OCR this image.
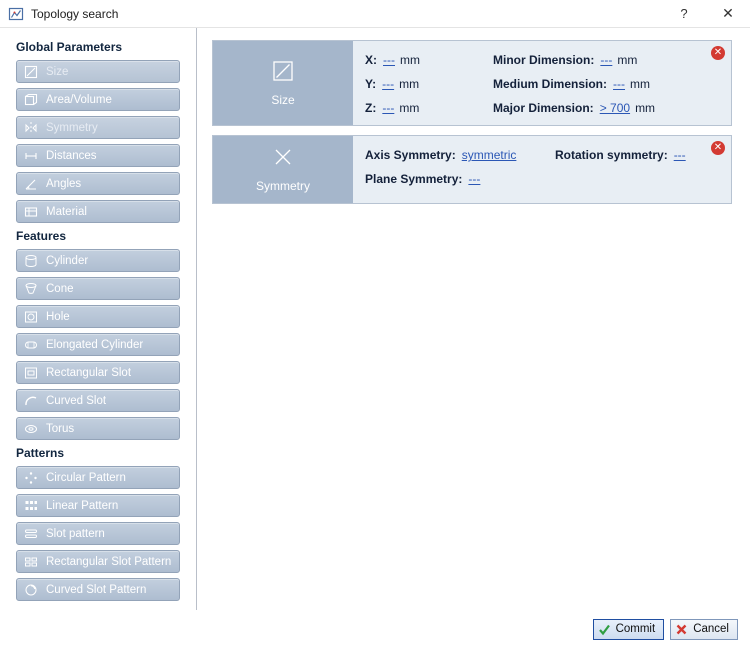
Topology search	?	✕
Global Parameters
Size
Area/Volume
Symmetry
Distances
Angles
Material
Features
Cylinder
Cone
Hole
Elongated Cylinder
Rectangular Slot
Curved Slot
Torus
Patterns
Circular Pattern
Linear Pattern
Slot pattern
Rectangular Slot Pattern
Curved Slot Pattern
✕
Size
X: --- mm	Minor Dimension: --- mm
Y: --- mm	Medium Dimension: --- mm
Z: --- mm	Major Dimension: > 700 mm
✕
Symmetry
Axis Symmetry: symmetric	Rotation symmetry: ---
Plane Symmetry: ---
Commit	Cancel
